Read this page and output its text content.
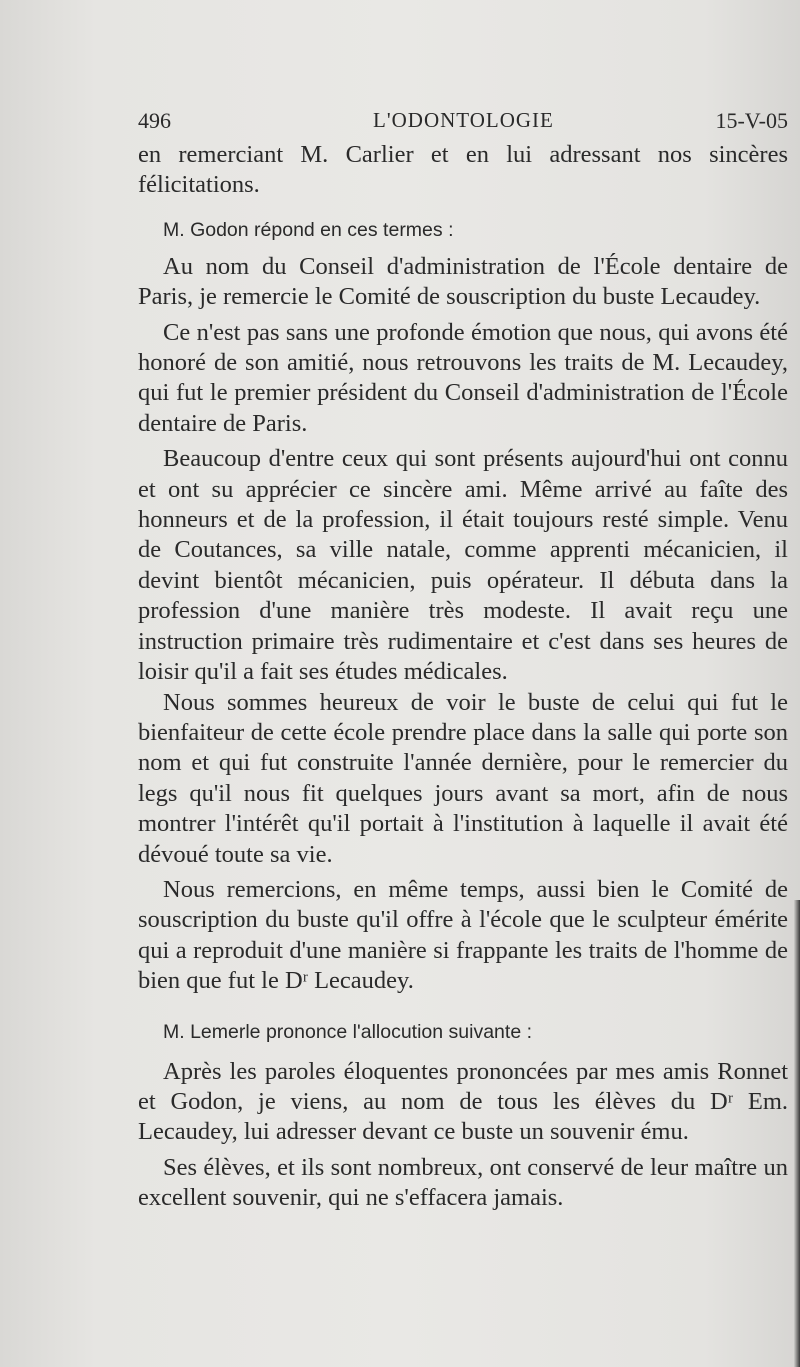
496	L'ODONTOLOGIE	15-V-05

en remerciant M. Carlier et en lui adressant nos sincères félicitations.

M. Godon répond en ces termes :

Au nom du Conseil d'administration de l'École dentaire de Paris, je remercie le Comité de souscription du buste Lecaudey.

Ce n'est pas sans une profonde émotion que nous, qui avons été honoré de son amitié, nous retrouvons les traits de M. Lecaudey, qui fut le premier président du Conseil d'administration de l'École dentaire de Paris.

Beaucoup d'entre ceux qui sont présents aujourd'hui ont connu et ont su apprécier ce sincère ami. Même arrivé au faîte des honneurs et de la profession, il était toujours resté simple. Venu de Coutances, sa ville natale, comme apprenti mécanicien, il devint bientôt mécanicien, puis opérateur. Il débuta dans la profession d'une manière très modeste. Il avait reçu une instruction primaire très rudimentaire et c'est dans ses heures de loisir qu'il a fait ses études médicales.

Nous sommes heureux de voir le buste de celui qui fut le bienfaiteur de cette école prendre place dans la salle qui porte son nom et qui fut construite l'année dernière, pour le remercier du legs qu'il nous fit quelques jours avant sa mort, afin de nous montrer l'intérêt qu'il portait à l'institution à laquelle il avait été dévoué toute sa vie.

Nous remercions, en même temps, aussi bien le Comité de souscription du buste qu'il offre à l'école que le sculpteur émérite qui a reproduit d'une manière si frappante les traits de l'homme de bien que fut le Dʳ Lecaudey.

M. Lemerle prononce l'allocution suivante :

Après les paroles éloquentes prononcées par mes amis Ronnet et Godon, je viens, au nom de tous les élèves du Dʳ Em. Lecaudey, lui adresser devant ce buste un souvenir ému.

Ses élèves, et ils sont nombreux, ont conservé de leur maître un excellent souvenir, qui ne s'effacera jamais.
